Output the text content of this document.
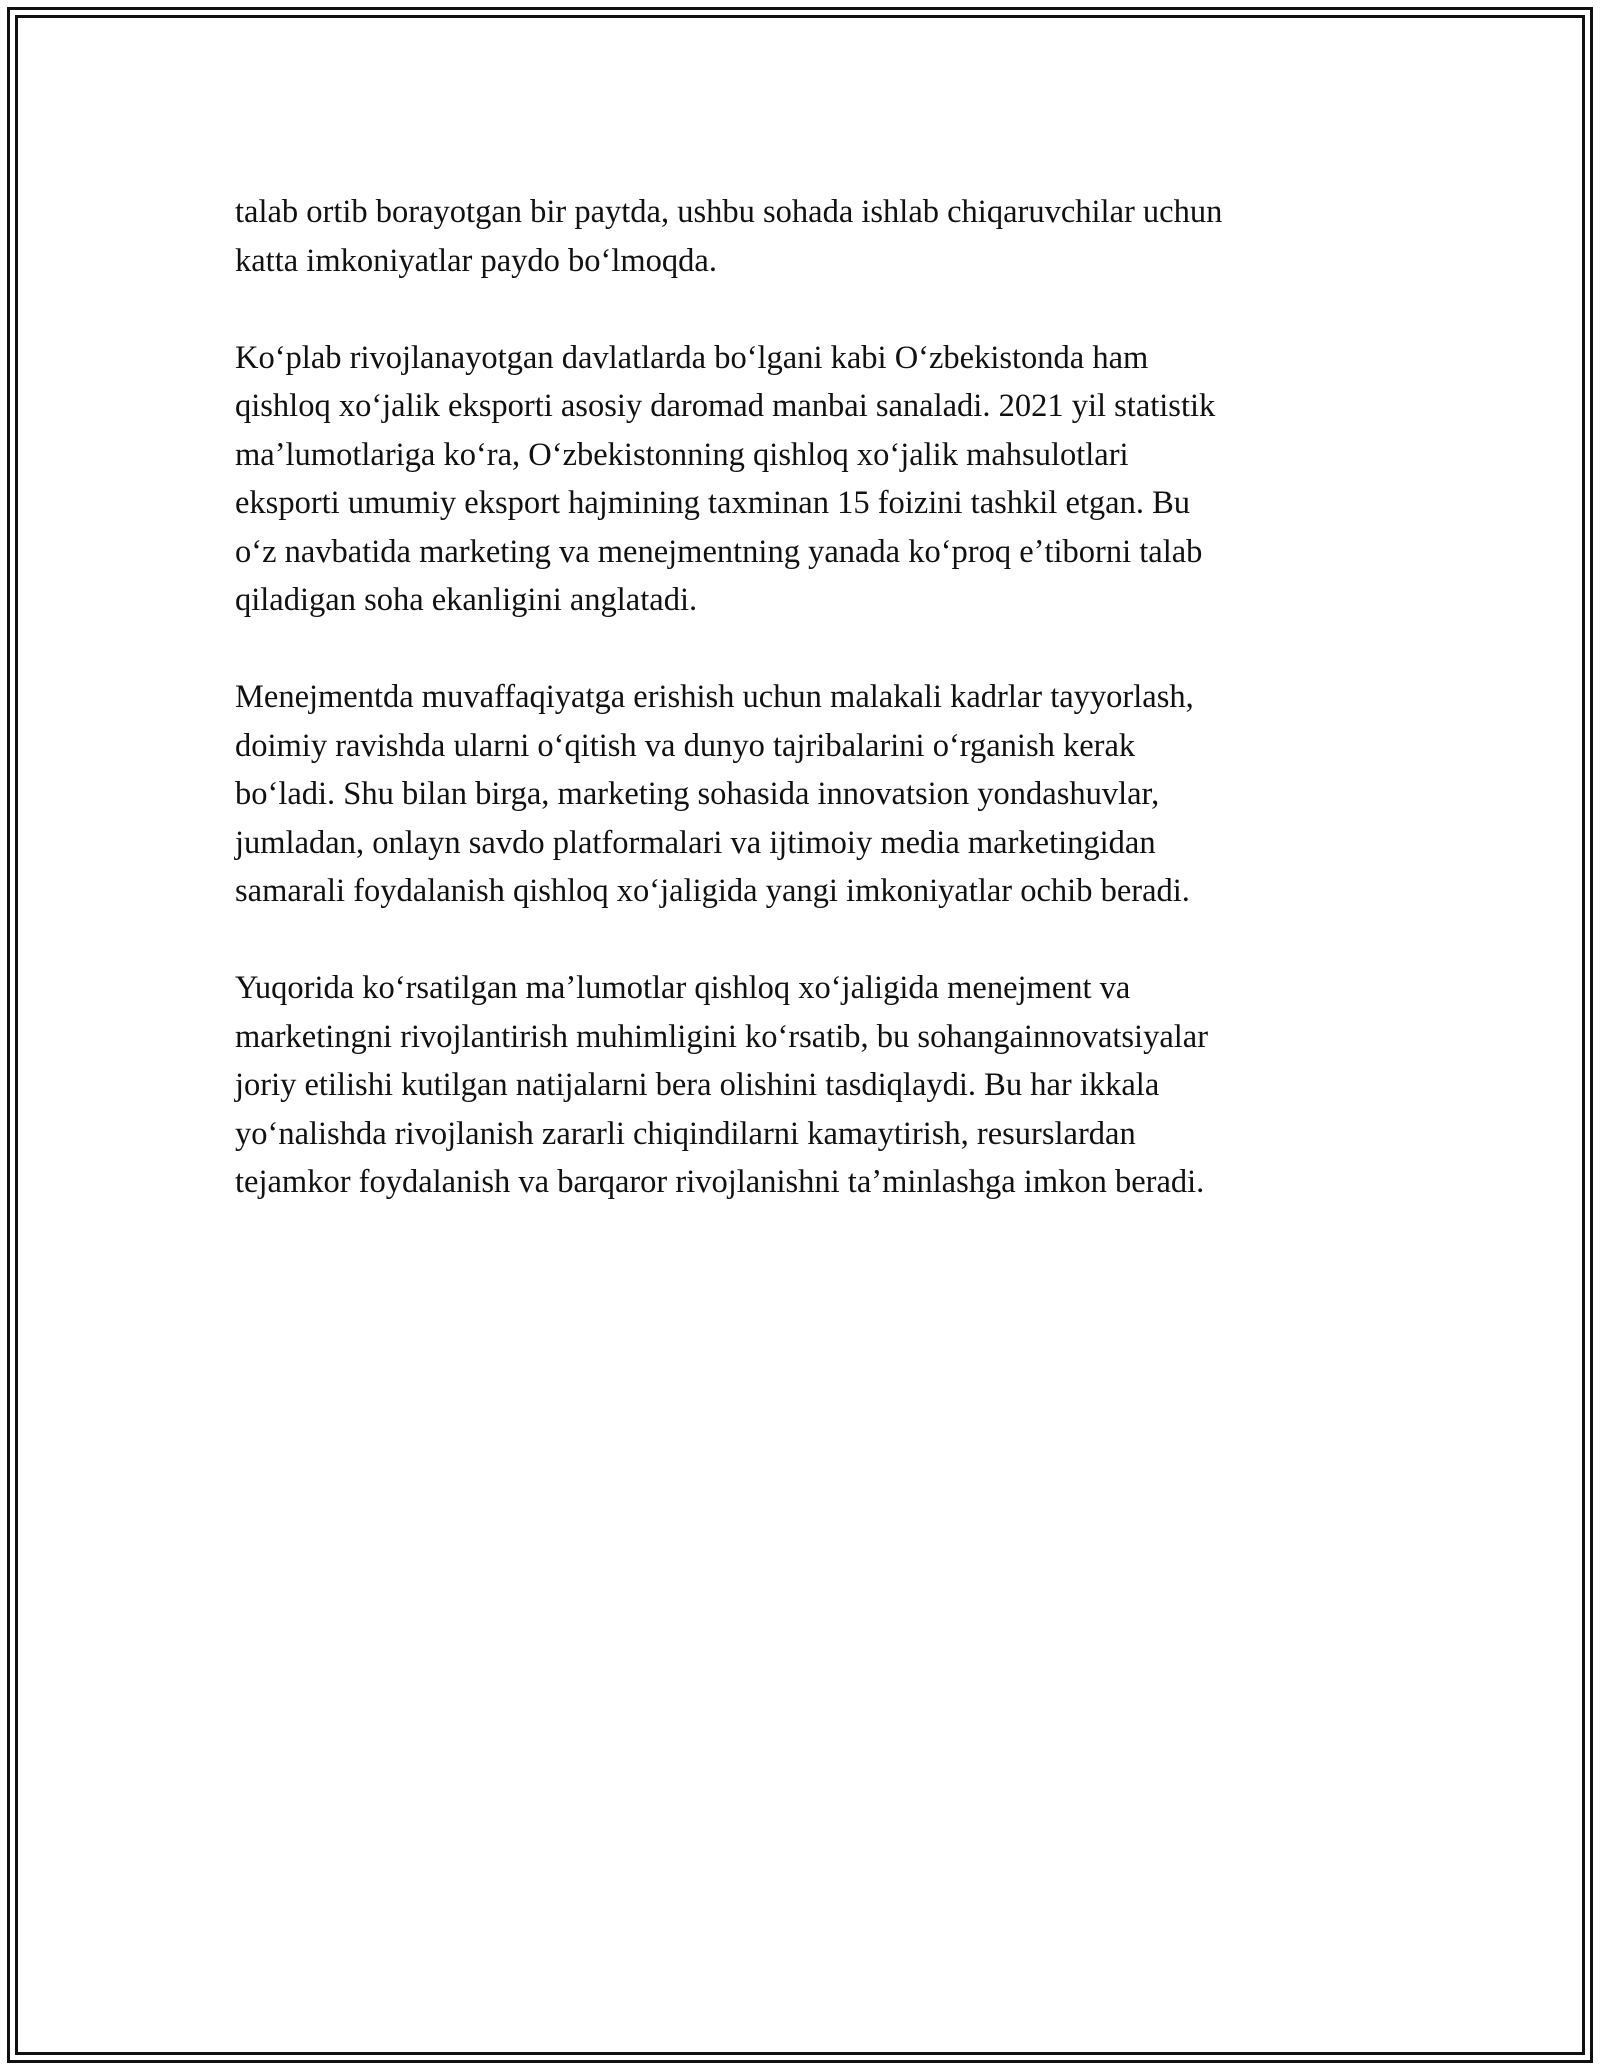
talab ortib borayotgan bir paytda, ushbu sohada ishlab chiqaruvchilar uchun
katta imkoniyatlar paydo boʻlmoqda.
Koʻplab rivojlanayotgan davlatlarda boʻlgani kabi Oʻzbekistonda ham
qishloq xoʻjalik eksporti asosiy daromad manbai sanaladi. 2021 yil statistik
maʼlumotlariga koʻra, Oʻzbekistonning qishloq xoʻjalik mahsulotlari
eksporti umumiy eksport hajmining taxminan 15 foizini tashkil etgan. Bu
oʻz navbatida marketing va menejmentning yanada koʻproq eʼtiborni talab
qiladigan soha ekanligini anglatadi.
Menejmentda muvaffaqiyatga erishish uchun malakali kadrlar tayyorlash,
doimiy ravishda ularni oʻqitish va dunyo tajribalarini oʻrganish kerak
boʻladi. Shu bilan birga, marketing sohasida innovatsion yondashuvlar,
jumladan, onlayn savdo platformalari va ijtimoiy media marketingidan
samarali foydalanish qishloq xoʻjaligida yangi imkoniyatlar ochib beradi.
Yuqorida koʻrsatilgan maʼlumotlar qishloq xoʻjaligida menejment va
marketingni rivojlantirish muhimligini koʻrsatib, bu sohangainnovatsiyalar
joriy etilishi kutilgan natijalarni bera olishini tasdiqlaydi. Bu har ikkala
yoʻnalishda rivojlanish zararli chiqindilarni kamaytirish, resurslardan
tejamkor foydalanish va barqaror rivojlanishni taʼminlashga imkon beradi.
